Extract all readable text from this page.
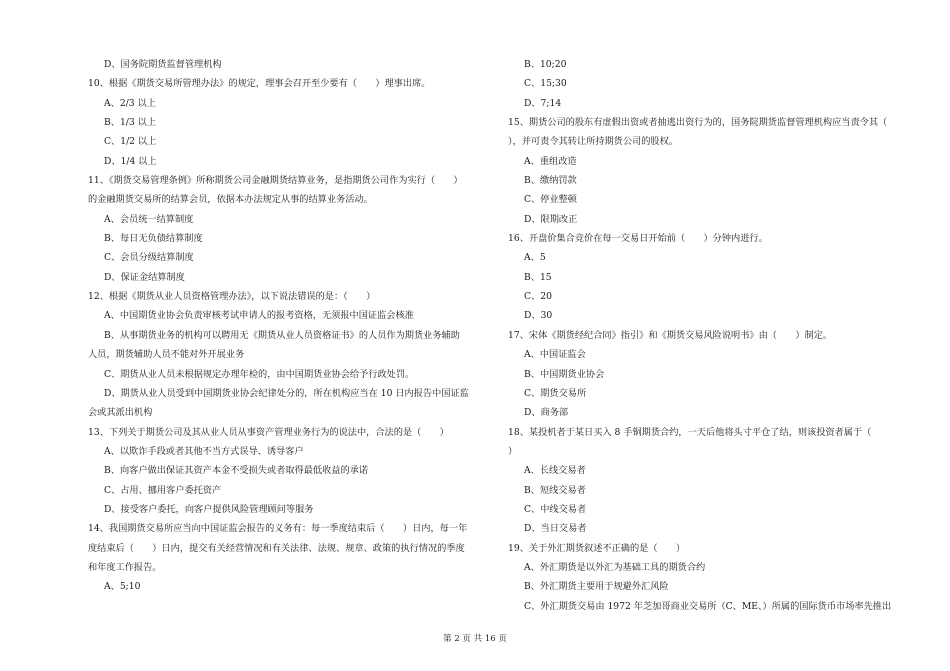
D、国务院期货监督管理机构
10、根据《期货交易所管理办法》的规定，理事会召开至少要有（　　）理事出席。
A、2/3 以上
B、1/3 以上
C、1/2 以上
D、1/4 以上
11、《期货交易管理条例》所称期货公司金融期货结算业务，是指期货公司作为实行（　　）
的金融期货交易所的结算会员，依据本办法规定从事的结算业务活动。
A、会员统一结算制度
B、每日无负债结算制度
C、会员分级结算制度
D、保证金结算制度
12、根据《期货从业人员资格管理办法》，以下说法错误的是：（　　）
A、中国期货业协会负责审核考试申请人的报考资格，无须报中国证监会核准
B、从事期货业务的机构可以聘用无《期货从业人员资格证书》的人员作为期货业务辅助
人员，期货辅助人员不能对外开展业务
C、期货从业人员未根据规定办理年检的，由中国期货业协会给予行政处罚。
D、期货从业人员受到中国期货业协会纪律处分的，所在机构应当在 10 日内报告中国证监
会或其派出机构
13、下列关于期货公司及其从业人员从事资产管理业务行为的说法中，合法的是（　　）
A、以欺诈手段或者其他不当方式误导、诱导客户
B、向客户做出保证其资产本金不受损失或者取得最低收益的承诺
C、占用、挪用客户委托资产
D、接受客户委托，向客户提供风险管理顾问等服务
14、我国期货交易所应当向中国证监会报告的义务有：每一季度结束后（　　）日内，每一年
度结束后（　　）日内，提交有关经营情况和有关法律、法规、规章、政策的执行情况的季度
和年度工作报告。
A、5;10
B、10;20
C、15;30
D、7;14
15、期货公司的股东有虚假出资或者抽逃出资行为的，国务院期货监督管理机构应当责令其（
），并可责令其转让所持期货公司的股权。
A、重组改造
B、缴纳罚款
C、停业整顿
D、限期改正
16、开盘价集合竞价在每一交易日开始前（　　）分钟内进行。
A、5
B、15
C、20
D、30
17、宋体《期货经纪合同》指引》和《期货交易风险说明书》由（　　）制定。
A、中国证监会
B、中国期货业协会
C、期货交易所
D、商务部
18、某投机者于某日买入 8 手铜期货合约，一天后他将头寸平仓了结，则该投资者属于（
）
A、长线交易者
B、短线交易者
C、中线交易者
D、当日交易者
19、关于外汇期货叙述不正确的是（　　）
A、外汇期货是以外汇为基础工具的期货合约
B、外汇期货主要用于规避外汇风险
C、外汇期货交易由 1972 年芝加哥商业交易所（C、ME、）所属的国际货币市场率先推出
第 2 页 共 16 页
